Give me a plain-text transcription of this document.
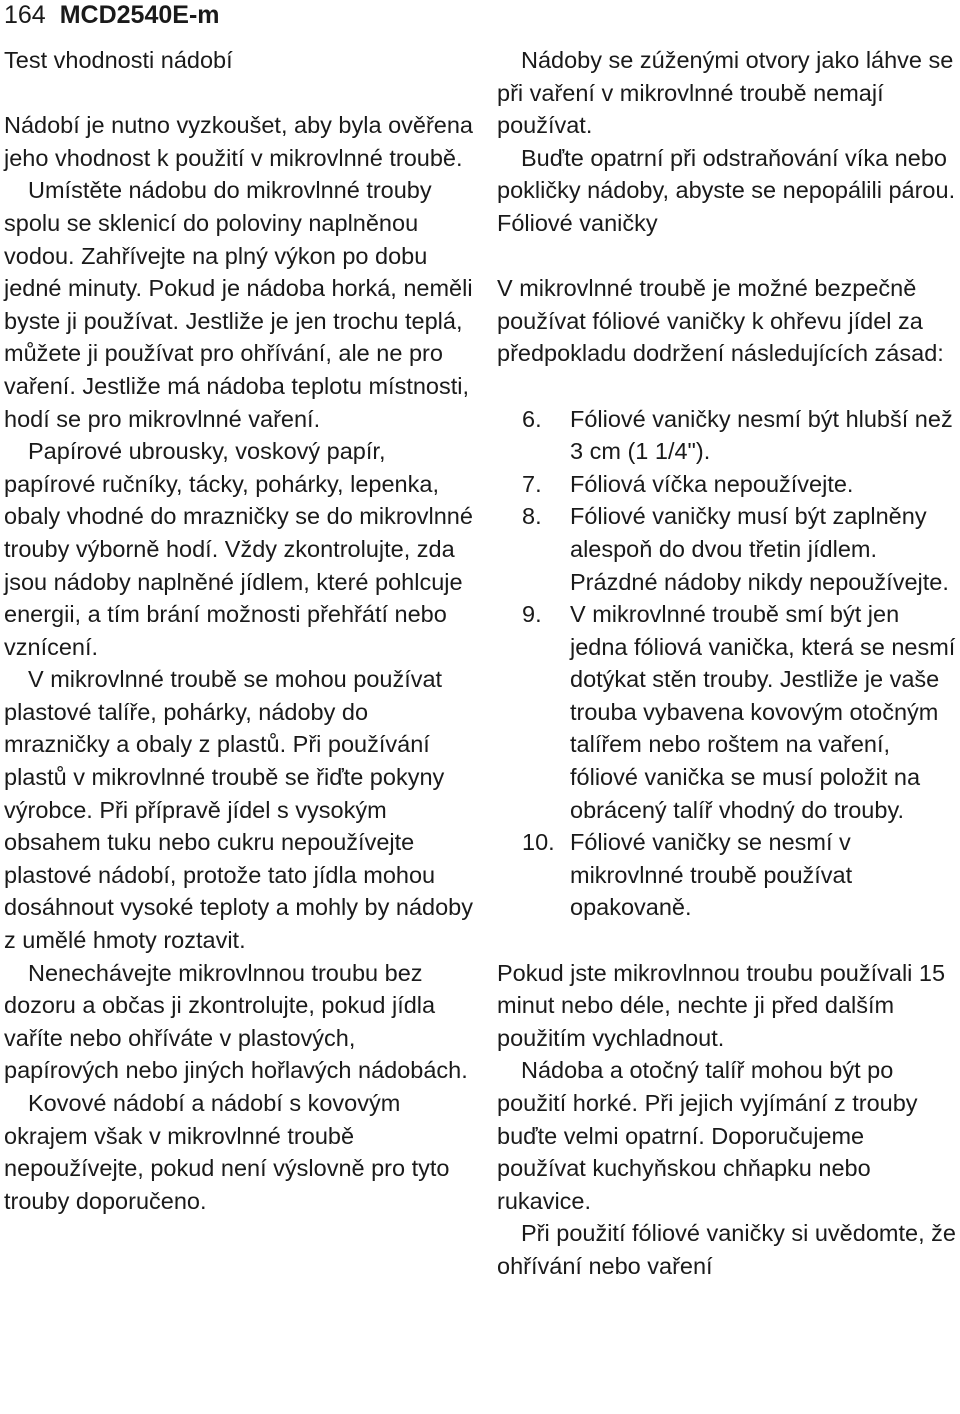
164 MCD2540E-m

Test vhodnosti nádobí

Nádobí je nutno vyzkoušet, aby byla ověřena jeho vhodnost k použití v mikrovlnné troubě.

Umístěte nádobu do mikrovlnné trouby spolu se sklenicí do poloviny naplněnou vodou. Zahřívejte na plný výkon po dobu jedné minuty. Pokud je nádoba horká, neměli byste ji používat. Jestliže je jen trochu teplá, můžete ji používat pro ohřívání, ale ne pro vaření. Jestliže má nádoba teplotu místnosti, hodí se pro mikrovlnné vaření.

Papírové ubrousky, voskový papír, papírové ručníky, tácky, pohárky, lepenka, obaly vhodné do mrazničky se do mikrovlnné trouby výborně hodí. Vždy zkontrolujte, zda jsou nádoby naplněné jídlem, které pohlcuje energii, a tím brání možnosti přehřátí nebo vznícení.

V mikrovlnné troubě se mohou používat plastové talíře, pohárky, nádoby do mrazničky a obaly z plastů. Při používání plastů v mikrovlnné troubě se řiďte pokyny výrobce. Při přípravě jídel s vysokým obsahem tuku nebo cukru nepoužívejte plastové nádobí, protože tato jídla mohou dosáhnout vysoké teploty a mohly by nádoby z umělé hmoty roztavit.

Nenechávejte mikrovlnnou troubu bez dozoru a občas ji zkontrolujte, pokud jídla vaříte nebo ohříváte v plastových, papírových nebo jiných hořlavých nádobách.

Kovové nádobí a nádobí s kovovým okrajem však v mikrovlnné troubě nepoužívejte, pokud není výslovně pro tyto trouby doporučeno.

Nádoby se zúženými otvory jako láhve se při vaření v mikrovlnné troubě nemají používat.

Buďte opatrní při odstraňování víka nebo pokličky nádoby, abyste se nepopálili párou.

Fóliové vaničky

V mikrovlnné troubě je možné bezpečně používat fóliové vaničky k ohřevu jídel za předpokladu dodržení následujících zásad:

6.	Fóliové vaničky nesmí být hlubší než 3 cm (1 1/4").
7.	Fóliová víčka nepoužívejte.
8.	Fóliové vaničky musí být zaplněny alespoň do dvou třetin jídlem. Prázdné nádoby nikdy nepoužívejte.
9.	V mikrovlnné troubě smí být jen jedna fóliová vanička, která se nesmí dotýkat stěn trouby. Jestliže je vaše trouba vybavena kovovým otočným talířem nebo roštem na vaření, fóliové vanička se musí položit na obrácený talíř vhodný do trouby.
10. Fóliové vaničky se nesmí v mikrovlnné troubě používat opakovaně.

Pokud jste mikrovlnnou troubu používali 15 minut nebo déle, nechte ji před dalším použitím vychladnout.

Nádoba a otočný talíř mohou být po použití horké. Při jejich vyjímání z trouby buďte velmi opatrní. Doporučujeme používat kuchyňskou chňapku nebo rukavice.

Při použití fóliové vaničky si uvědomte, že ohřívání nebo vaření
